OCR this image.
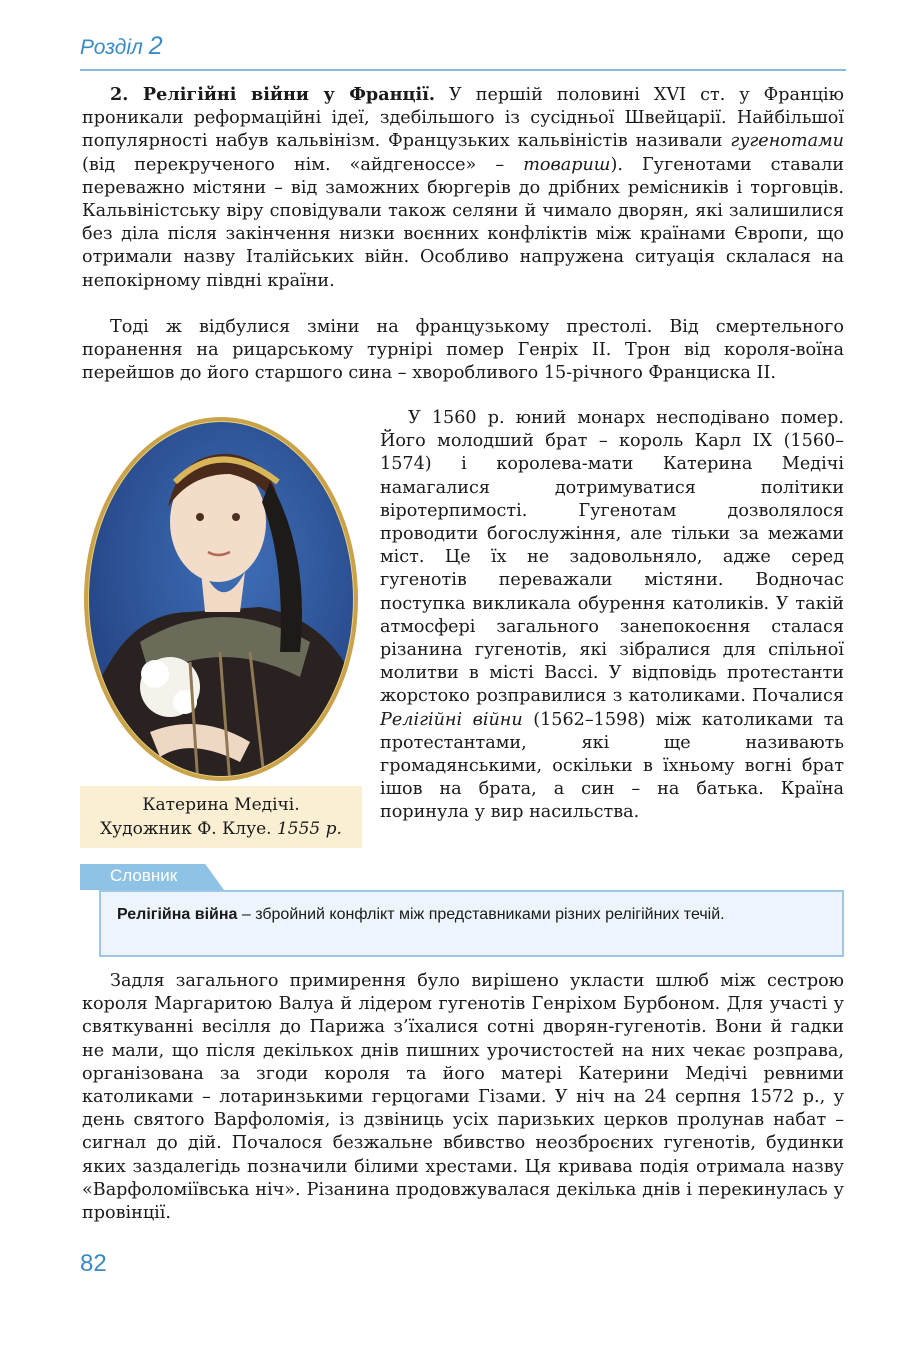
Розділ 2
2. Релігійні війни у Франції. У першій половині XVI ст. у Францію проникали реформаційні ідеї, здебільшого із сусідньої Швейцарії. Найбільшої популярності набув кальвінізм. Французьких кальвіністів називали гугенотами (від перекрученого нім. «айдгеноссе» – товариш). Гугенотами ставали переважно містяни – від заможних бюргерів до дрібних ремісників і торговців. Кальвіністську віру сповідували також селяни й чимало дворян, які залишилися без діла після закінчення низки воєнних конфліктів між країнами Європи, що отримали назву Італійських війн. Особливо напружена ситуація склалася на непокірному півдні країни.
Тоді ж відбулися зміни на французькому престолі. Від смертельного поранення на рицарському турнірі помер Генріх II. Трон від короля-воїна перейшов до його старшого сина – хворобливого 15-річного Франциска II.
Катерина Медічі.
Художник Ф. Клуе. 1555 р.
У 1560 р. юний монарх несподівано помер. Його молодший брат – король Карл IX (1560–1574) і королева-мати Катерина Медічі намагалися дотримуватися політики віротерпимості. Гугенотам дозволялося проводити богослужіння, але тільки за межами міст. Це їх не задовольняло, адже серед гугенотів переважали містяни. Водночас поступка викликала обурення католиків. У такій атмосфері загального занепокоєння сталася різанина гугенотів, які зібралися для спільної молитви в місті Вассі. У відповідь протестанти жорстоко розправилися з католиками. Почалися Релігійні війни (1562–1598) між католиками та протестантами, які ще називають громадянськими, оскільки в їхньому вогні брат ішов на брата, а син – на батька. Країна поринула у вир насильства.
Словник
Релігійна війна – збройний конфлікт між представниками різних релігійних течій.
Задля загального примирення було вирішено укласти шлюб між сестрою короля Маргаритою Валуа й лідером гугенотів Генріхом Бурбоном. Для участі у святкуванні весілля до Парижа з’їхалися сотні дворян-гугенотів. Вони й гадки не мали, що після декількох днів пишних урочистостей на них чекає розправа, організована за згоди короля та його матері Катерини Медічі ревними католиками – лотаринзькими герцогами Гізами. У ніч на 24 серпня 1572 р., у день святого Варфоломія, із дзвіниць усіх паризьких церков пролунав набат – сигнал до дій. Почалося безжальне вбивство неозброєних гугенотів, будинки яких заздалегідь позначили білими хрестами. Ця кривава подія отримала назву «Варфоломіївська ніч». Різанина продовжувалася декілька днів і перекинулась у провінції.
82
